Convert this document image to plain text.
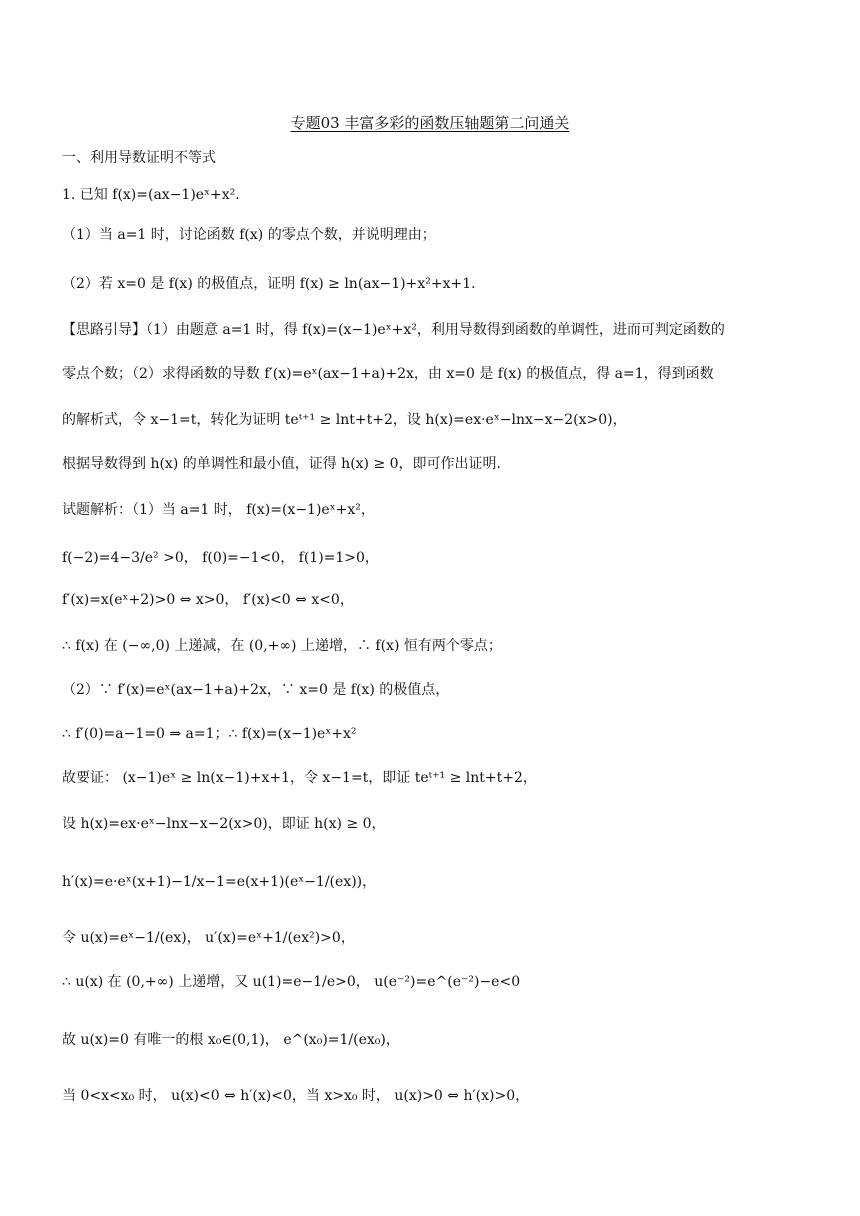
专题03 丰富多彩的函数压轴题第二问通关
一、利用导数证明不等式
1. 已知 f(x)=(ax−1)eˣ+x².
（1）当 a=1 时，讨论函数 f(x) 的零点个数，并说明理由；
（2）若 x=0 是 f(x) 的极值点，证明 f(x) ≥ ln(ax−1)+x²+x+1.
【思路引导】（1）由题意 a=1 时，得 f(x)=(x−1)eˣ+x²，利用导数得到函数的单调性，进而可判定函数的
零点个数；（2）求得函数的导数 f′(x)=eˣ(ax−1+a)+2x，由 x=0 是 f(x) 的极值点，得 a=1，得到函数
的解析式，令 x−1=t，转化为证明 teᵗ⁺¹ ≥ lnt+t+2，设 h(x)=ex·eˣ−lnx−x−2(x>0)，
根据导数得到 h(x) 的单调性和最小值，证得 h(x) ≥ 0，即可作出证明.
试题解析：（1）当 a=1 时， f(x)=(x−1)eˣ+x²，
f(−2)=4−3/e² >0， f(0)=−1<0， f(1)=1>0，
f′(x)=x(eˣ+2)>0 ⇔ x>0， f′(x)<0 ⇔ x<0，
∴ f(x) 在 (−∞,0) 上递减，在 (0,+∞) 上递增，∴ f(x) 恒有两个零点；
（2）∵ f′(x)=eˣ(ax−1+a)+2x，∵ x=0 是 f(x) 的极值点，
∴ f′(0)=a−1=0 ⇒ a=1；∴ f(x)=(x−1)eˣ+x²
故要证： (x−1)eˣ ≥ ln(x−1)+x+1，令 x−1=t，即证 teᵗ⁺¹ ≥ lnt+t+2，
设 h(x)=ex·eˣ−lnx−x−2(x>0)，即证 h(x) ≥ 0，
h′(x)=e·eˣ(x+1)−1/x−1=e(x+1)(eˣ−1/(ex))，
令 u(x)=eˣ−1/(ex)， u′(x)=eˣ+1/(ex²)>0，
∴ u(x) 在 (0,+∞) 上递增，又 u(1)=e−1/e>0， u(e⁻²)=e^(e⁻²)−e<0
故 u(x)=0 有唯一的根 x₀∈(0,1)， e^(x₀)=1/(ex₀)，
当 0<x<x₀ 时， u(x)<0 ⇔ h′(x)<0，当 x>x₀ 时， u(x)>0 ⇔ h′(x)>0，
